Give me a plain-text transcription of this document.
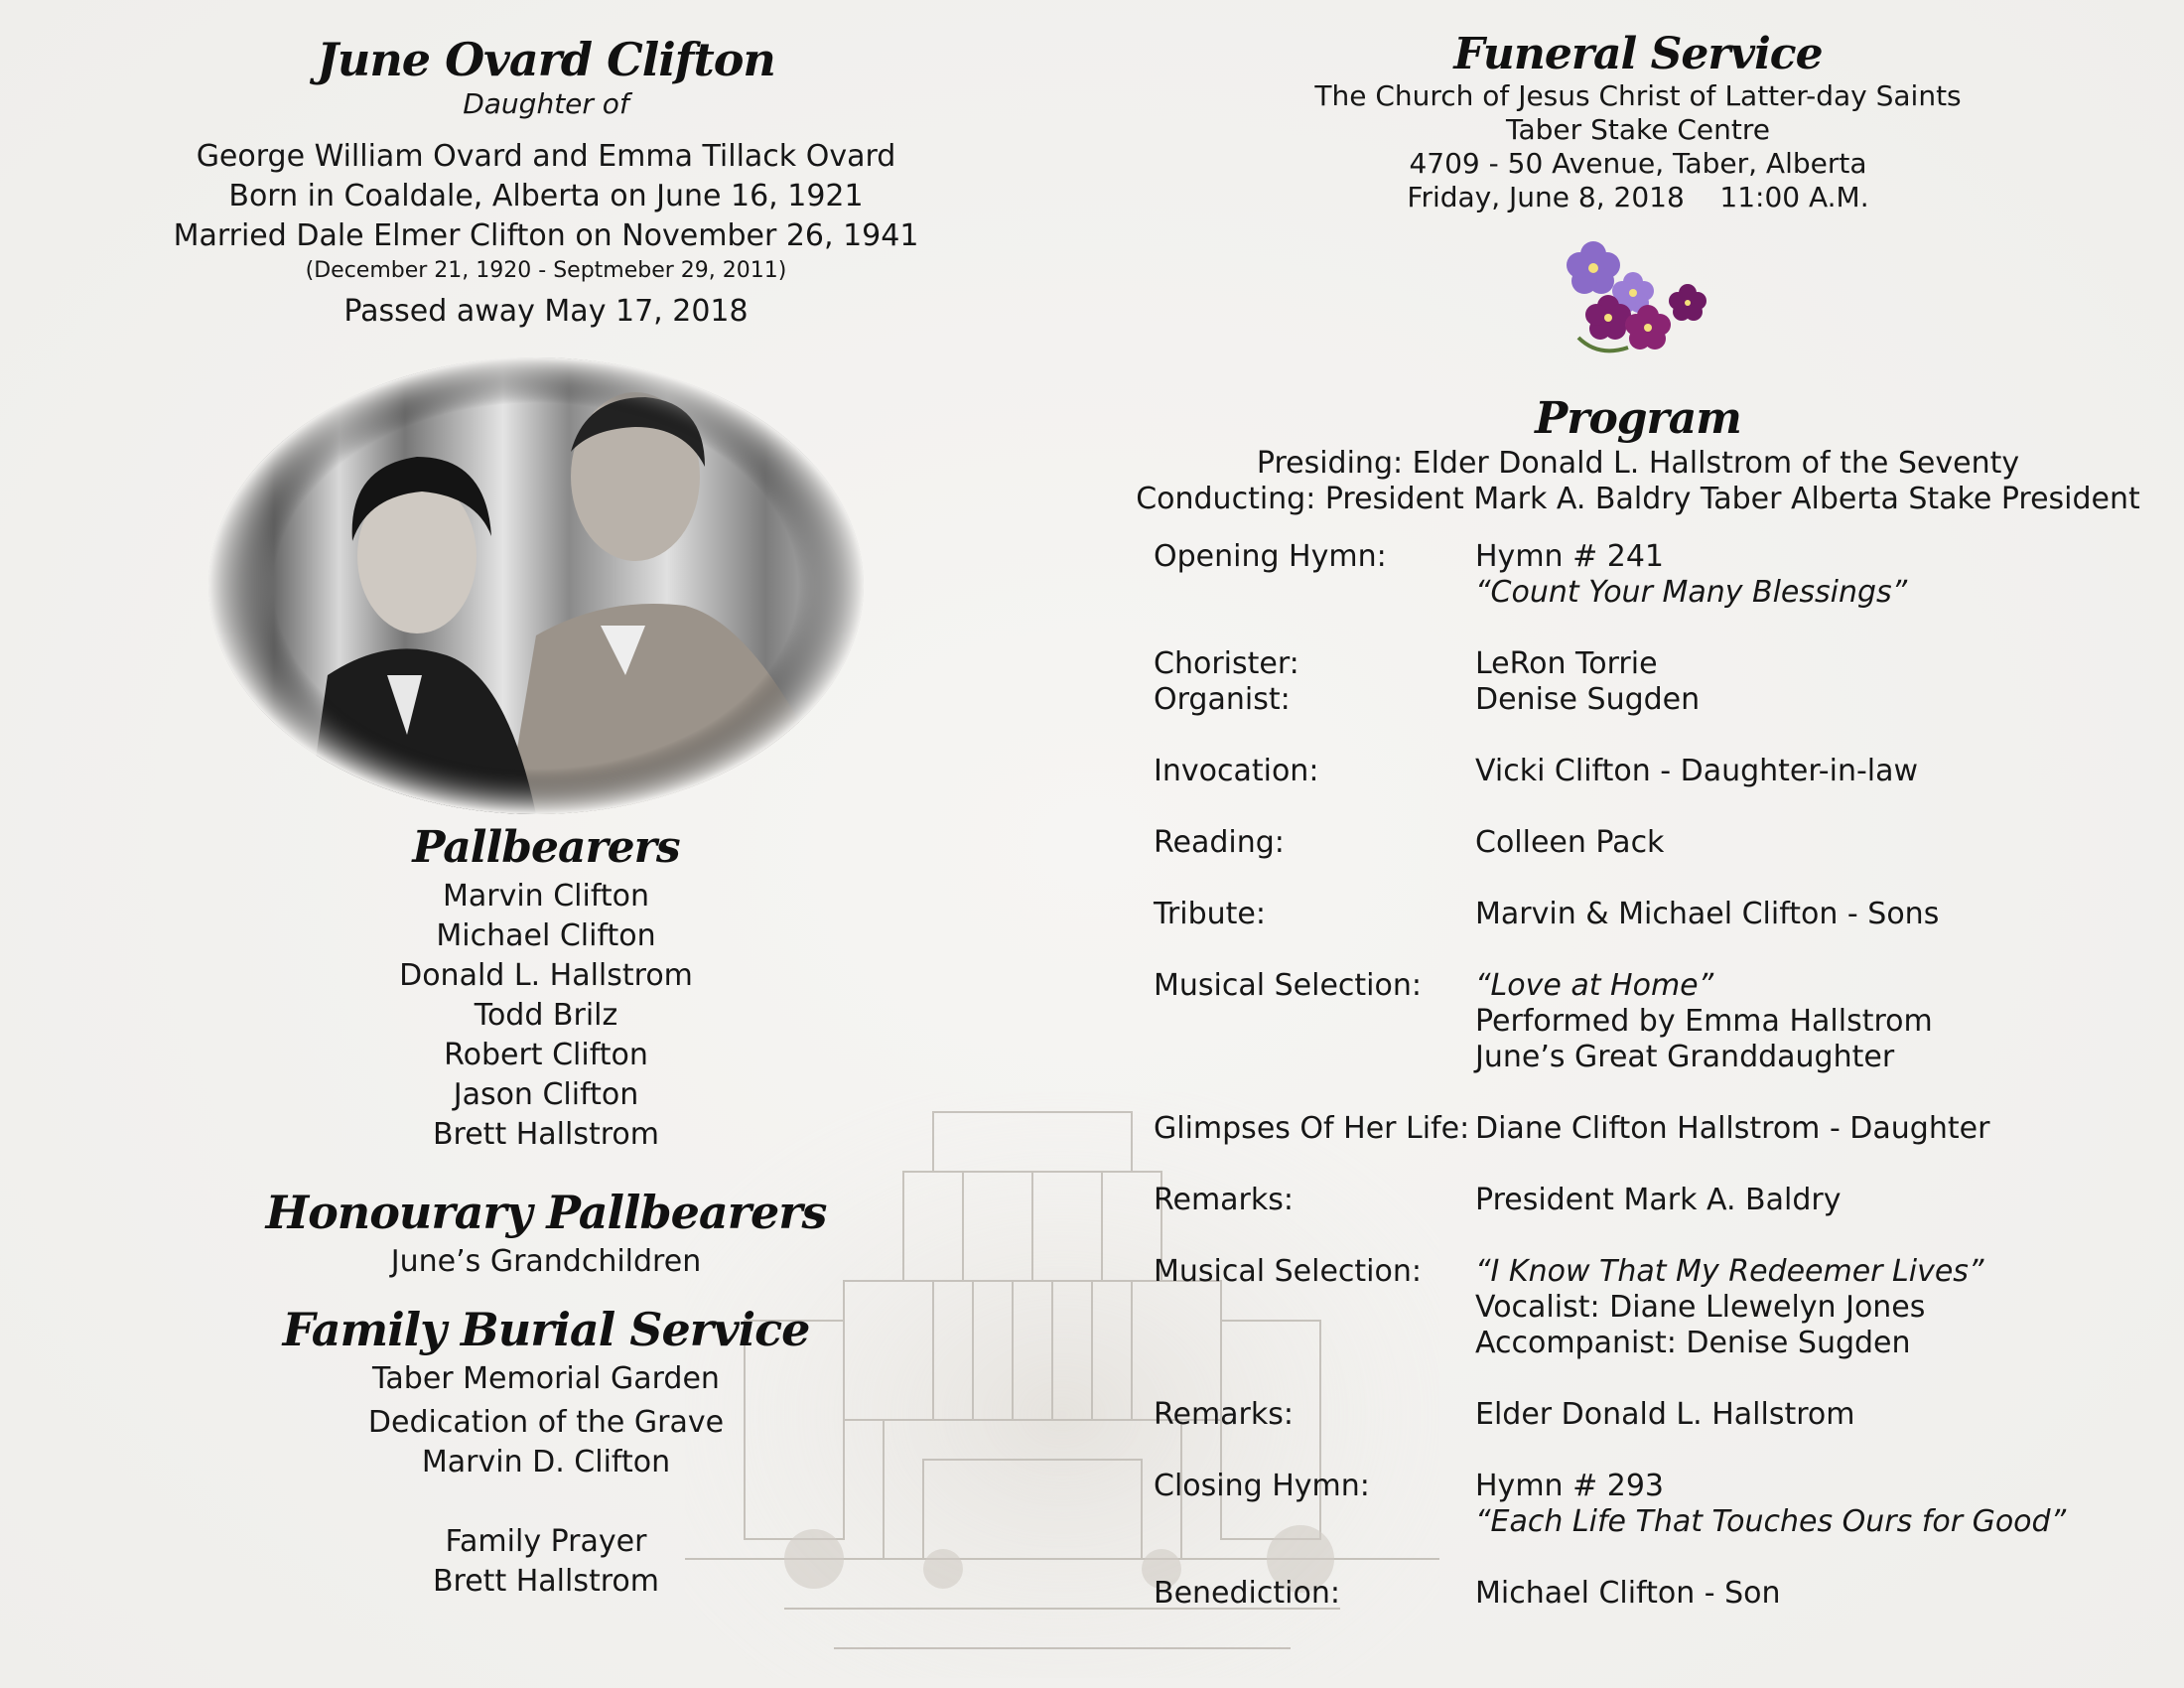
June Ovard Clifton
Daughter of
George William Ovard and Emma Tillack Ovard
Born in Coaldale, Alberta on June 16, 1921
Married Dale Elmer Clifton on November 26, 1941
(December 21, 1920 - Septmeber 29, 2011)
Passed away May 17, 2018
Pallbearers
Marvin Clifton
Michael Clifton
Donald L. Hallstrom
Todd Brilz
Robert Clifton
Jason Clifton
Brett Hallstrom
Honourary Pallbearers
June’s Grandchildren
Family Burial Service
Taber Memorial Garden
Dedication of the Grave
Marvin D. Clifton
Family Prayer
Brett Hallstrom
Funeral Service
The Church of Jesus Christ of Latter-day Saints
Taber Stake Centre
4709 - 50 Avenue, Taber, Alberta
Friday, June 8, 2018    11:00 A.M.
Program
Presiding: Elder Donald L. Hallstrom of the Seventy
Conducting: President Mark A. Baldry Taber Alberta Stake President
Opening Hymn:	Hymn # 241
“Count Your Many Blessings”
Chorister:	LeRon Torrie
Organist:	Denise Sugden
Invocation:	Vicki Clifton - Daughter-in-law
Reading:	Colleen Pack
Tribute:	Marvin & Michael Clifton - Sons
Musical Selection:	“Love at Home”
Performed by Emma Hallstrom
June’s Great Granddaughter
Glimpses Of Her Life: Diane Clifton Hallstrom - Daughter
Remarks:	President Mark A. Baldry
Musical Selection:	“I Know That My Redeemer Lives”
Vocalist: Diane Llewelyn Jones
Accompanist: Denise Sugden
Remarks:	Elder Donald L. Hallstrom
Closing Hymn:	Hymn # 293
“Each Life That Touches Ours for Good”
Benediction:	Michael Clifton - Son
